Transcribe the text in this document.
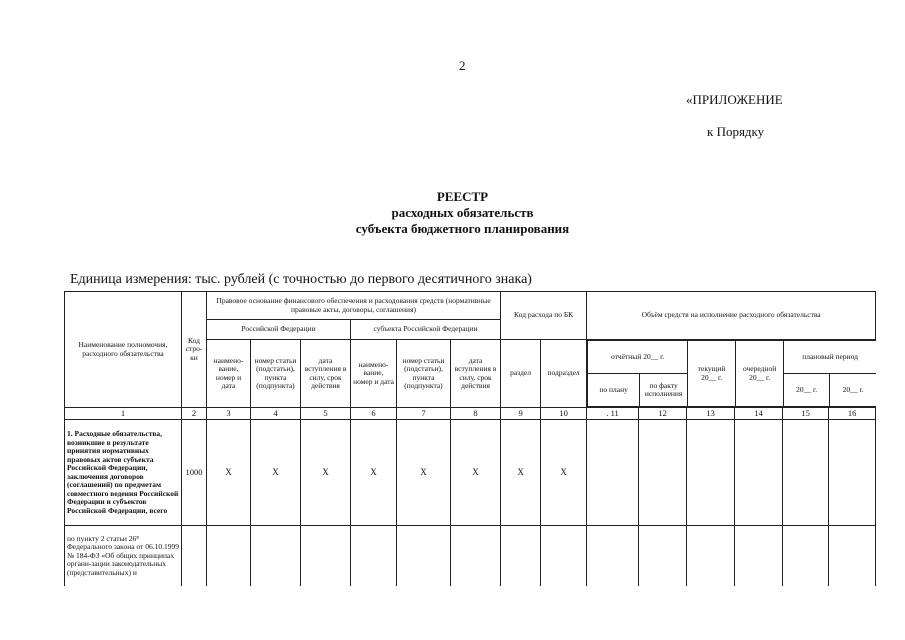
2
«ПРИЛОЖЕНИЕ
к Порядку
РЕЕСТР
расходных обязательств
субъекта бюджетного планирования
Единица измерения: тыс. рублей (с точностью до первого десятичного знака)
Наименование полномочия, расходного обязательства	Код стро-ки	Правовое основание финансового обеспечения и расходования средств (нормативные правовые акты, договоры, соглашения)	Код расхода по БК	Объём средств на исполнение расходного обязательства
Российской Федерации	субъекта Российской Федерации
наимено-вание, номер и дата	номер статьи (подстатьи), пункта (подпункта)	дата вступления в силу, срок действия	наимено-вание, номер и дата	номер статьи (подстатьи), пункта (подпункта)	дата вступления в силу, срок действия	раздел	подраздел	
отчётный 20__ г.	текущий 20__ г.	очередной 20__ г.	плановый период
по плану	по факту исполнения	20__ г.	20__ г.

1	2	3	4	5	6	7	8	9	10	. 11	12	13	14	15	16
1. Расходные обязательства, возникшие в результате принятия нормативных правовых актов субъекта Российской Федерации, заключения договоров (соглашений) по предметам совместного ведения Российской Федерации и субъектов Российской Федерации, всего	1000	X	X	X	X	X	X	X	X						
по пункту 2 статьи 26⁸ Федерального закона от 06.10.1999 № 184-ФЗ «Об общих принципах органи-зации законодательных (представительных) и															
